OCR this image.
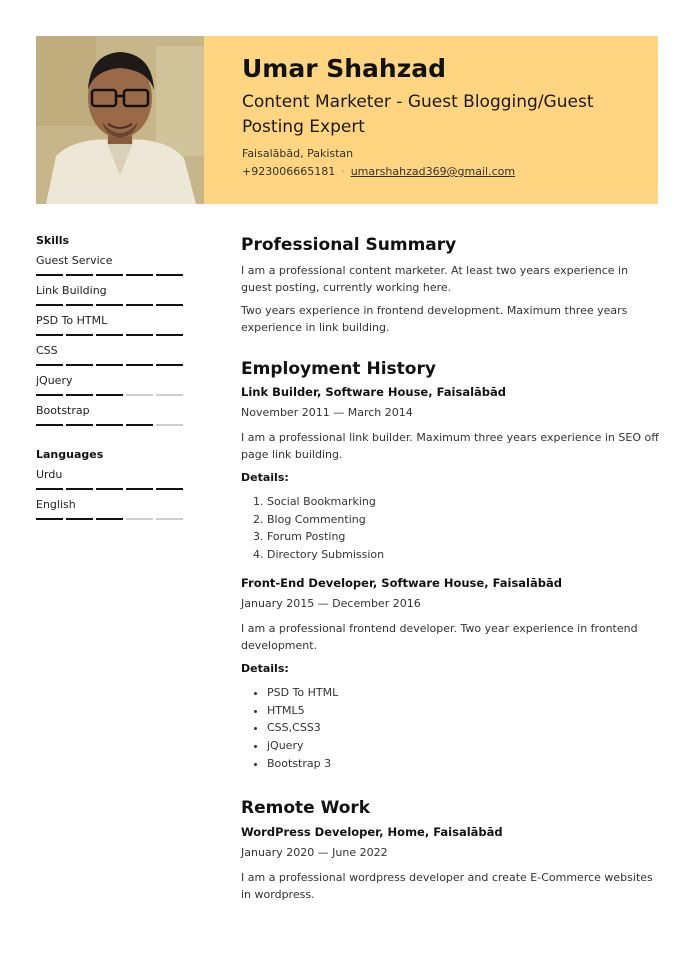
Umar Shahzad
Content Marketer - Guest Blogging/Guest Posting Expert
Faisalābād, Pakistan
+923006665181 · umarshahzad369@gmail.com
Skills
Guest Service
Link Building
PSD To HTML
CSS
jQuery
Bootstrap
Languages
Urdu
English
Professional Summary

I am a professional content marketer. At least two years experience in guest posting, currently working here.

Two years experience in frontend development. Maximum three years experience in link building.

Employment History
Link Builder, Software House, Faisalābād
November 2011 — March 2014

I am a professional link builder. Maximum three years experience in SEO off page link building.

Details:
1. Social Bookmarking
2. Blog Commenting
3. Forum Posting
4. Directory Submission
Front-End Developer, Software House, Faisalābād
January 2015 — December 2016

I am a professional frontend developer. Two year experience in frontend development.

Details:
• PSD To HTML
• HTML5
• CSS,CSS3
• jQuery
• Bootstrap 3
Remote Work
WordPress Developer, Home, Faisalābād
January 2020 — June 2022

I am a professional wordpress developer and create E-Commerce websites in wordpress.
